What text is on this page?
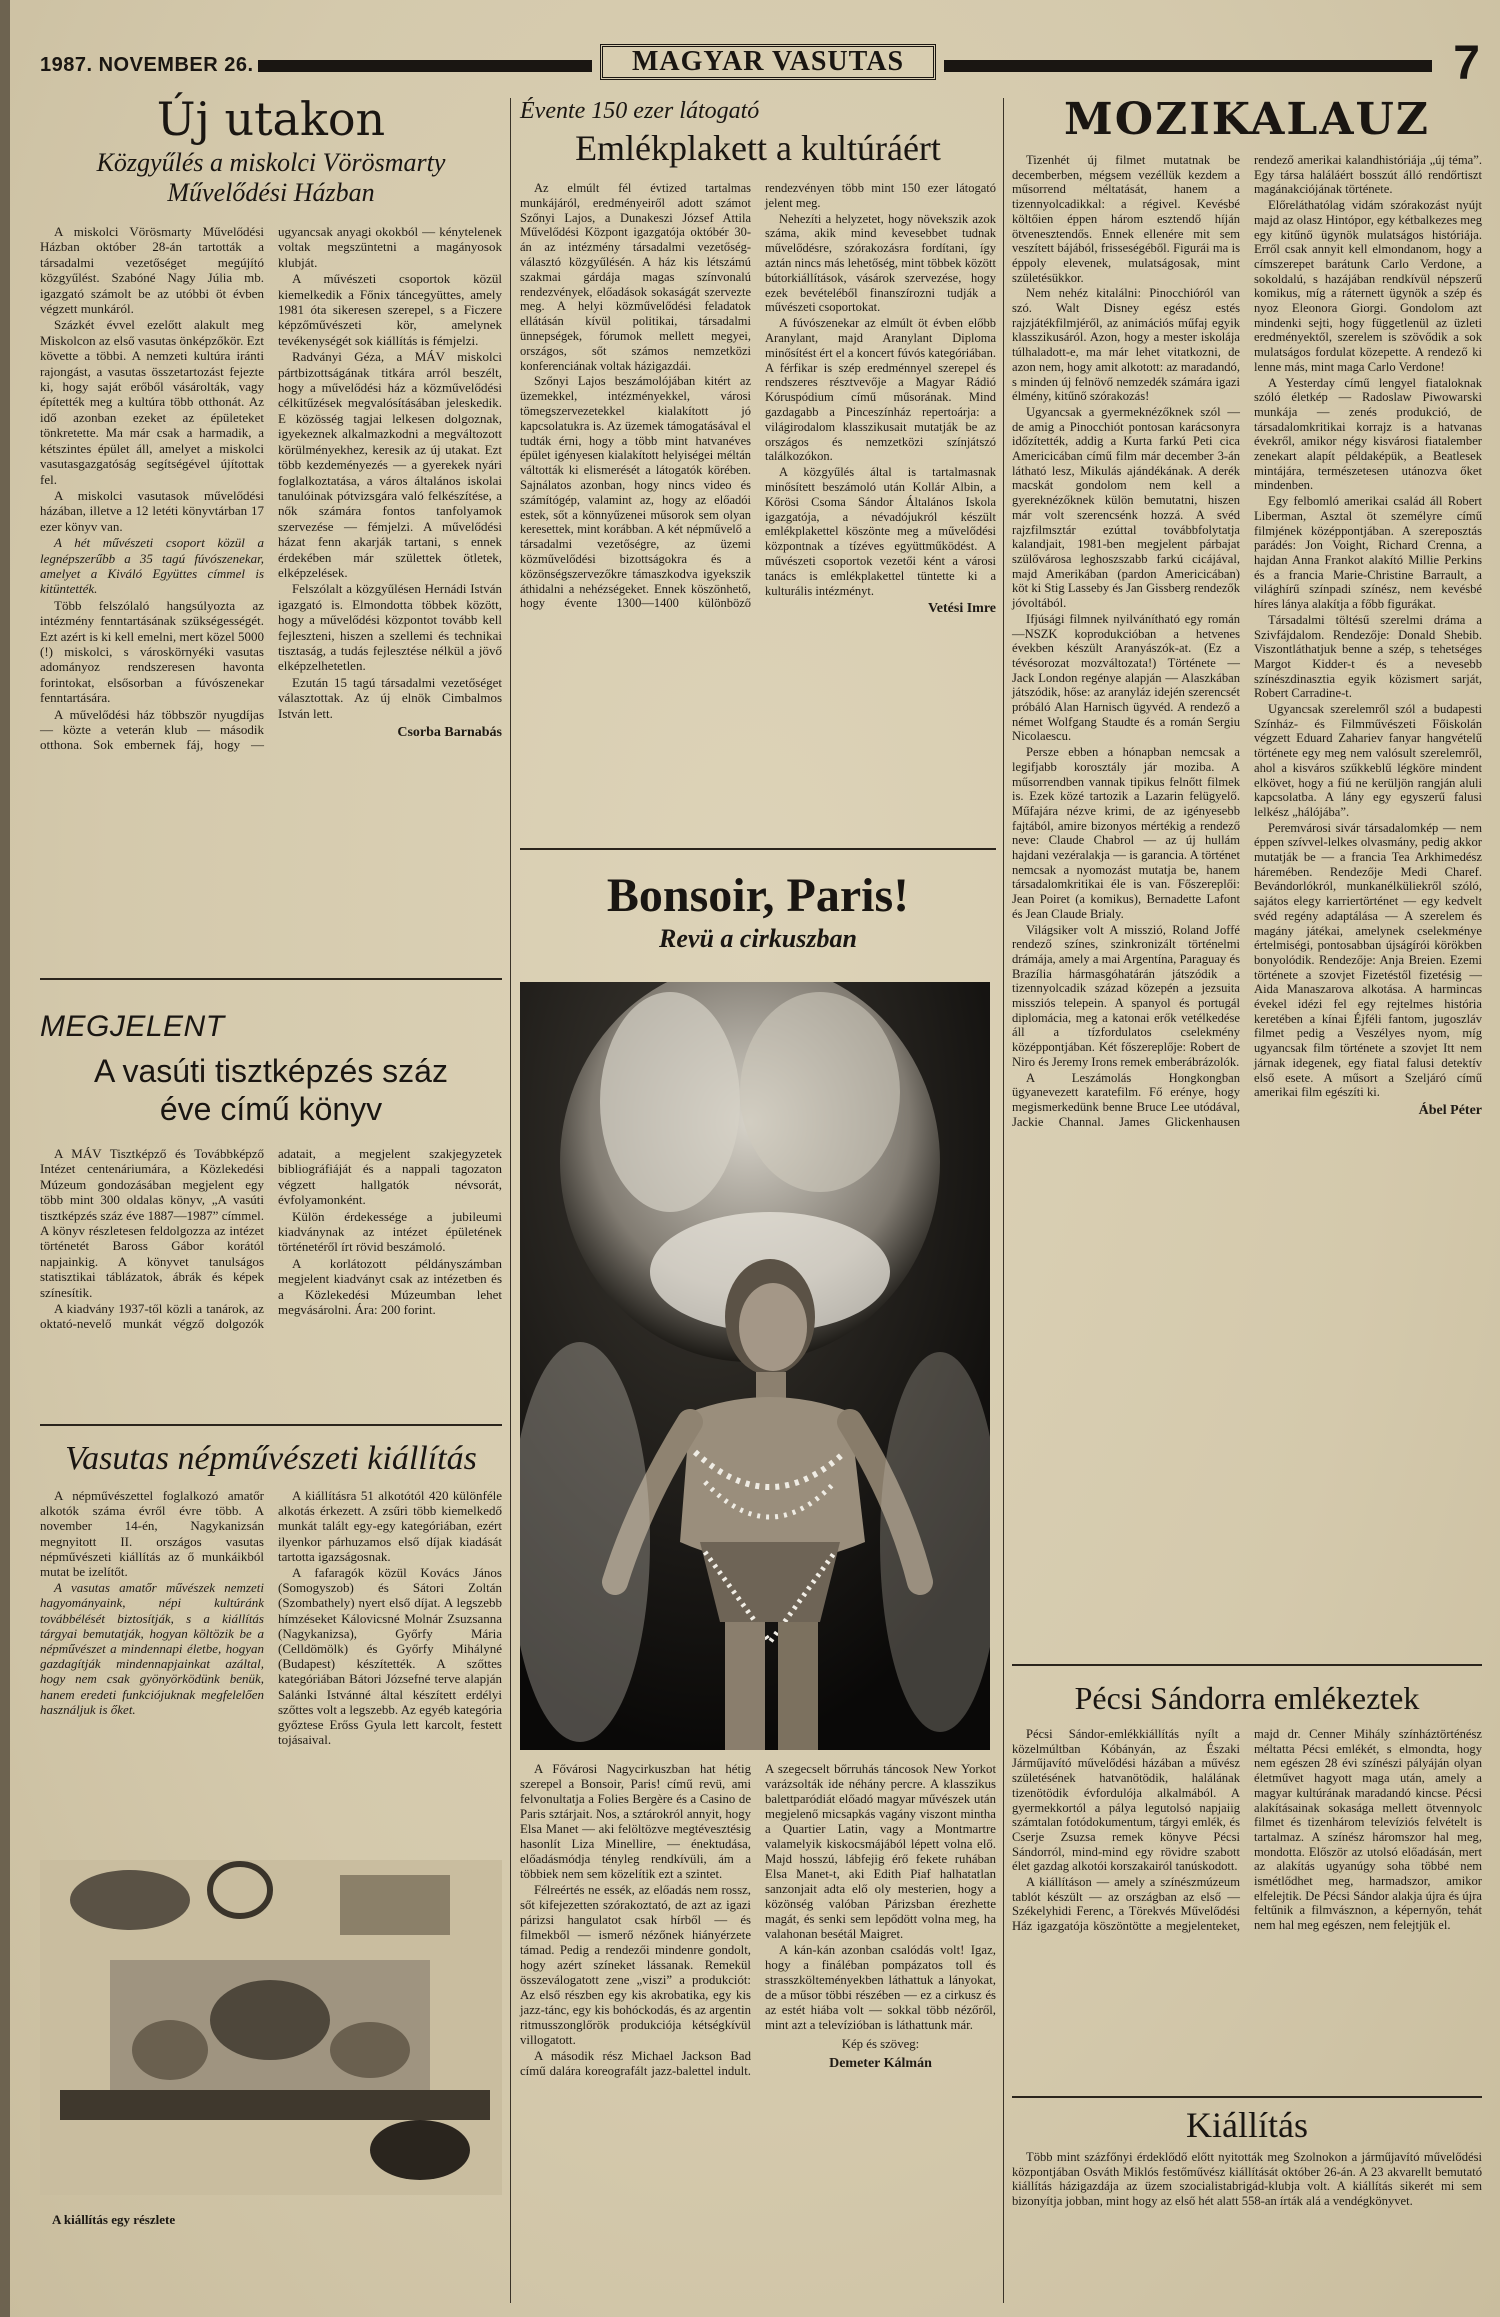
1987. NOVEMBER 26.	MAGYAR VASUTAS	7
Új utakon
Közgyűlés a miskolci Vörösmarty Művelődési Házban

A miskolci Vörösmarty Művelődési Házban október 28-án tartották a társadalmi vezetőséget megújító közgyűlést. Szabóné Nagy Júlia mb. igazgató számolt be az utóbbi öt évben végzett munkáról.

Százkét évvel ezelőtt alakult meg Miskolcon az első vasutas önképzőkör. Ezt követte a többi. A nemzeti kultúra iránti rajongást, a vasutas összetartozást fejezte ki, hogy saját erőből vásárolták, vagy építették meg a kultúra több otthonát. Az idő azonban ezeket az épületeket tönkretette. Ma már csak a harmadik, a kétszintes épület áll, amelyet a miskolci vasutasgazgatóság segítségével újítottak fel.

A miskolci vasutasok művelődési házában, illetve a 12 letéti könyvtárban 17 ezer könyv van.

A hét művészeti csoport közül a legnépszerűbb a 35 tagú fúvószenekar, amelyet a Kiváló Együttes címmel is kitüntették.

Több felszólaló hangsúlyozta az intézmény fenntartásának szükségességét. Ezt azért is ki kell emelni, mert közel 5000 (!) miskolci, s városkörnyéki vasutas adományoz rendszeresen havonta forintokat, elsősorban a fúvószenekar fenntartására.

A művelődési ház többször nyugdíjas — közte a veterán klub — második otthona. Sok embernek fáj, hogy — ugyancsak anyagi okokból — kénytelenek voltak megszüntetni a magányosok klubját.

A művészeti csoportok közül kiemelkedik a Főnix táncegyüttes, amely 1981 óta sikeresen szerepel, s a Ficzere képzőművészeti kör, amelynek tevékenységét sok kiállítás is fémjelzi.

Radványi Géza, a MÁV miskolci pártbizottságának titkára arról beszélt, hogy a művelődési ház a közművelődési célkitűzések megvalósításában jeleskedik. E közösség tagjai lelkesen dolgoznak, igyekeznek alkalmazkodni a megváltozott körülményekhez, keresik az új utakat. Ezt több kezdeményezés — a gyerekek nyári foglalkoztatása, a város általános iskolai tanulóinak pótvizsgára való felkészítése, a nők számára fontos tanfolyamok szervezése — fémjelzi. A művelődési házat fenn akarják tartani, s ennek érdekében már születtek ötletek, elképzelések.

Felszólalt a közgyűlésen Hernádi István igazgató is. Elmondotta többek között, hogy a művelődési központot tovább kell fejleszteni, hiszen a szellemi és technikai tisztaság, a tudás fejlesztése nélkül a jövő elképzelhetetlen.

Ezután 15 tagú társadalmi vezetőséget választottak. Az új elnök Cimbalmos István lett.

Csorba Barnabás
MEGJELENT
A vasúti tisztképzés száz éve című könyv

A MÁV Tisztképző és Továbbképző Intézet centenáriumára, a Közlekedési Múzeum gondozásában megjelent egy több mint 300 oldalas könyv, „A vasúti tisztképzés száz éve 1887—1987” címmel. A könyv részletesen feldolgozza az intézet történetét Baross Gábor korától napjainkig. A könyvet tanulságos statisztikai táblázatok, ábrák és képek színesítik.

A kiadvány 1937-től közli a tanárok, az oktató-nevelő munkát végző dolgozók adatait, a megjelent szakjegyzetek bibliográfiáját és a nappali tagozaton végzett hallgatók névsorát, évfolyamonként.

Külön érdekessége a jubileumi kiadványnak az intézet épületének történetéről írt rövid beszámoló.

A korlátozott példányszámban megjelent kiadványt csak az intézetben és a Közlekedési Múzeumban lehet megvásárolni. Ára: 200 forint.

Vasutas népművészeti kiállítás

A népművészettel foglalkozó amatőr alkotók száma évről évre több. A november 14-én, Nagykanizsán megnyitott II. országos vasutas népművészeti kiállítás az ő munkáikból mutat be izelítőt.

A vasutas amatőr művészek nemzeti hagyományaink, népi kultúránk továbbélését biztosítják, s a kiállítás tárgyai bemutatják, hogyan költözik be a népművészet a mindennapi életbe, hogyan gazdagítják mindennapjainkat azáltal, hogy nem csak gyönyörködünk benük, hanem eredeti funkciójuknak megfelelően használjuk is őket.

A kiállításra 51 alkotótól 420 különféle alkotás érkezett. A zsűri több kiemelkedő munkát talált egy-egy kategóriában, ezért ilyenkor párhuzamos első díjak kiadását tartotta igazságosnak.

A fafaragók közül Kovács János (Somogyszob) és Sátori Zoltán (Szombathely) nyert első díjat. A legszebb hímzéseket Kálovicsné Molnár Zsuzsanna (Nagykanizsa), Győrfy Mária (Celldömölk) és Győrfy Mihályné (Budapest) készítették. A szőttes kategóriában Bátori Józsefné terve alapján Salánki Istvánné által készített erdélyi szőttes volt a legszebb. Az egyéb kategória győztese Erőss Gyula lett karcolt, festett tojásaival.

A kiállítás egy részlete
Évente 150 ezer látogató
Emlékplakett a kultúráért

Az elmúlt fél évtized tartalmas munkájáról, eredményeiről adott számot Szőnyi Lajos, a Dunakeszi József Attila Művelődési Központ igazgatója októbér 30-án az intézmény társadalmi vezetőség-választó közgyűlésén. A ház kis létszámú szakmai gárdája magas színvonalú rendezvények, előadások sokaságát szervezte meg. A helyi közművelődési feladatok ellátásán kívül politikai, társadalmi ünnepségek, fórumok mellett megyei, országos, sőt számos nemzetközi konferenciának voltak házigazdái.

Szőnyi Lajos beszámolójában kitért az üzemekkel, intézményekkel, városi tömegszervezetekkel kialakított jó kapcsolatukra is. Az üzemek támogatásával el tudták érni, hogy a több mint hatvanéves épület igényesen kialakított helyiségei méltán váltották ki elismerését a látogatók körében. Sajnálatos azonban, hogy nincs video és számítógép, valamint az, hogy az előadói estek, sőt a könnyűzenei műsorok sem olyan keresettek, mint korábban. A két népművelő a társadalmi vezetőségre, az üzemi közművelődési bizottságokra és a közönségszervezőkre támaszkodva igyekszik áthidalni a nehézségeket. Ennek köszönhető, hogy évente 1300—1400 különböző rendezvényen több mint 150 ezer látogató jelent meg.

Nehezíti a helyzetet, hogy növekszik azok száma, akik mind kevesebbet tudnak művelődésre, szórakozásra fordítani, így aztán nincs más lehetőség, mint többek között bútorkiállítások, vásárok szervezése, hogy ezek bevételéből finanszírozni tudják a művészeti csoportokat.

A fúvószenekar az elmúlt öt évben előbb Aranylant, majd Aranylant Diploma minősítést ért el a koncert fúvós kategóriában. A férfikar is szép eredménnyel szerepel és rendszeres résztvevője a Magyar Rádió Kóruspódium című műsorának. Mind gazdagabb a Pinceszínház repertoárja: a világirodalom klasszikusait mutatják be az országos és nemzetközi színjátszó találkozókon.

A közgyűlés által is tartalmasnak minősített beszámoló után Kollár Albin, a Kőrösi Csoma Sándor Általános Iskola igazgatója, a névadójukról készült emlékplakettel köszönte meg a művelődési központnak a tízéves együttműködést. A művészeti csoportok vezetői ként a városi tanács is emlékplakettel tüntette ki a kulturális intézményt.

Vetési Imre
Bonsoir, Paris!
Revü a cirkuszban

A Fővárosi Nagycirkuszban hat hétig szerepel a Bonsoir, Paris! című revü, ami felvonultatja a Folies Bergère és a Casino de Paris sztárjait. Nos, a sztárokról annyit, hogy Elsa Manet — aki felöltözve megtévesztésig hasonlít Liza Minellire, — énektudása, előadásmódja tényleg rendkívüli, ám a többiek nem sem közelítik ezt a szintet.

Félreértés ne essék, az előadás nem rossz, sőt kifejezetten szórakoztató, de azt az igazi párizsi hangulatot csak hírből — és filmekből — ismerő nézőnek hiányérzete támad. Pedig a rendezői mindenre gondolt, hogy azért színeket lássanak. Remekül összeválogatott zene „viszi” a produkciót: Az első részben egy kis akrobatika, egy kis jazz-tánc, egy kis bohóckodás, és az argentin ritmusszonglőrök produkciója kétségkívül villogatott.

A második rész Michael Jackson Bad című dalára koreografált jazz-balettel indult. A szegecselt bőrruhás táncosok New Yorkot varázsolták ide néhány percre. A klasszikus balettparódiát előadó magyar művészek után megjelenő micsapkás vagány viszont mintha a Quartier Latin, vagy a Montmartre valamelyik kiskocsmájából lépett volna elő. Majd hosszú, lábfejig érő fekete ruhában Elsa Manet-t, aki Edith Piaf halhatatlan sanzonjait adta elő oly mesterien, hogy a közönség valóban Párizsban érezhette magát, és senki sem lepődött volna meg, ha valahonan besétál Maigret.

A kán-kán azonban csalódás volt! Igaz, hogy a fináléban pompázatos toll és strasszkölteményekben láthattuk a lányokat, de a műsor többi részében — ez a cirkusz és az estét hiába volt — sokkal több nézőről, mint azt a televízióban is láthattunk már.

Kép és szöveg:
Demeter Kálmán
MOZIKALAUZ

Tizenhét új filmet mutatnak be decemberben, mégsem vezéllük kezdem a műsorrend méltatását, hanem a tizennyolcadikkal: a régivel. Kevésbé költőien éppen három esztendő híján ötvenesztendős. Ennek ellenére mit sem veszített bájából, frisseségéből. Figurái ma is éppoly elevenek, mulatságosak, mint születésükkor.

Nem nehéz kitalálni: Pinocchióról van szó. Walt Disney egész estés rajzjátékfilmjéről, az animációs műfaj egyik klasszikusáról. Azon, hogy a mester iskolája túlhaladott-e, ma már lehet vitatkozni, de azon nem, hogy amit alkotott: az maradandó, s minden új felnövő nemzedék számára igazi élmény, kitűnő szórakozás!

Ugyancsak a gyermeknézőknek szól — de amig a Pinocchiót pontosan karácsonyra időzítették, addig a Kurta farkú Peti cica Americicában című film már december 3-án látható lesz, Mikulás ajándékának. A derék macskát gondolom nem kell a gyereknézőknek külön bemutatni, hiszen már volt szerencsénk hozzá. A svéd rajzfilmsztár ezúttal továbbfolytatja kalandjait, 1981-ben megjelent párbajat szülővárosa leghoszszabb farkú cicájával, majd Amerikában (pardon Americicában) köt ki Stig Lasseby és Jan Gissberg rendezők jóvoltából.

Ifjúsági filmnek nyilvánítható egy román—NSZK koprodukcióban a hetvenes években készült Aranyászók-at. (Ez a tévésorozat mozváltozata!) Története — Jack London regénye alapján — Alaszkában játszódik, hőse: az aranyláz idején szerencsét próbáló Alan Harnisch ügyvéd. A rendező a német Wolfgang Staudte és a román Sergiu Nicolaescu.

Persze ebben a hónapban nemcsak a legifjabb korosztály jár moziba. A műsorrendben vannak tipikus felnőtt filmek is. Ezek közé tartozik a Lazarin felügyelő. Műfajára nézve krimi, de az igényesebb fajtából, amire bizonyos mértékig a rendező neve: Claude Chabrol — az új hullám hajdani vezéralakja — is garancia. A történet nemcsak a nyomozást mutatja be, hanem társadalomkritikai éle is van. Főszereplői: Jean Poiret (a komikus), Bernadette Lafont és Jean Claude Brialy.

Világsiker volt A misszió, Roland Joffé rendező színes, szinkronizált történelmi drámája, amely a mai Argentína, Paraguay és Brazília hármasgóhatárán játszódik a tizennyolcadik század közepén a jezsuita missziós telepein. A spanyol és portugál diplomácia, meg a katonai erők vetélkedése áll a tízfordulatos cselekmény középpontjában. Két főszereplője: Robert de Niro és Jeremy Irons remek emberábrázolók.

A Leszámolás Hongkongban ügyanevezett karatefilm. Fő erénye, hogy megismerkedünk benne Bruce Lee utódával, Jackie Channal. James Glickenhausen rendező amerikai kalandhistóriája „új téma”. Egy társa haláláért bosszút álló rendőrtiszt magánakciójának története.

Előreláthatólag vidám szórakozást nyújt majd az olasz Hintópor, egy kétbalkezes meg egy kitűnő ügynök mulatságos históriája. Erről csak annyit kell elmondanom, hogy a címszerepet barátunk Carlo Verdone, a sokoldalú, s hazájában rendkívül népszerű komikus, míg a ráternett ügynök a szép és nyoz Eleonora Giorgi. Gondolom azt mindenki sejti, hogy függetlenül az üzleti eredményektől, szerelem is szövődik a sok mulatságos fordulat közepette. A rendező ki lenne más, mint maga Carlo Verdone!

A Yesterday című lengyel fiataloknak szóló életkép — Radoslaw Piwowarski munkája — zenés produkció, de társadalomkritikai korrajz is a hatvanas évekről, amikor négy kisvárosi fiatalember zenekart alapít példaképük, a Beatlesek mintájára, természetesen utánozva őket mindenben.

Egy felbomló amerikai család áll Robert Liberman, Asztal öt személyre című filmjének középpontjában. A szereposztás parádés: Jon Voight, Richard Crenna, a hajdan Anna Frankot alakító Millie Perkins és a francia Marie-Christine Barrault, a világhírű színpadi színész, nem kevésbé híres lánya alakítja a főbb figurákat.

Társadalmi töltésű szerelmi dráma a Szivfájdalom. Rendezője: Donald Shebib. Viszontláthatjuk benne a szép, s tehetséges Margot Kidder-t és a nevesebb színészdinasztia egyik közismert sarját, Robert Carradine-t.

Ugyancsak szerelemről szól a budapesti Színház- és Filmművészeti Főiskolán végzett Eduard Zahariev fanyar hangvételű története egy meg nem valósult szerelemről, ahol a kisváros szűkkeblű légköre mindent elkövet, hogy a fiú ne kerüljön rangján aluli kapcsolatba. A lány egy egyszerű falusi lelkész „hálójába”.

Peremvárosi sivár társadalomkép — nem éppen szívvel-lelkes olvasmány, pedig akkor mutatják be — a francia Tea Arkhimedész háremében. Rendezője Medi Charef. Bevándorlókról, munkanélküliekről szóló, sajátos elegy karriertörténet — egy kedvelt svéd regény adaptálása — A szerelem és magány játékai, amelynek cselekménye értelmiségi, pontosabban újságírói körökben bonyolódik. Rendezője: Anja Breien. Ezemi története a szovjet Fizetéstől fizetésig — Aida Manaszarova alkotása. A harmincas évekel idézi fel egy rejtelmes história keretében a kínai Éjféli fantom, jugoszláv filmet pedig a Veszélyes nyom, míg ugyancsak film története a szovjet Itt nem járnak idegenek, egy fiatal falusi detektív első esete. A műsort a Szeljáró című amerikai film egészíti ki.

Ábel Péter
Pécsi Sándorra emlékeztek

Pécsi Sándor-emlékkiállítás nyílt a közelmúltban Kóbányán, az Északi Járműjavító művelődési házában a művész születésének hatvanötödik, halálának tizenötödik évfordulója alkalmából. A gyermekkortól a pálya legutolsó napjaiig számtalan fotódokumentum, tárgyi emlék, és Cserje Zsuzsa remek könyve Pécsi Sándorról, mind-mind egy rövidre szabott élet gazdag alkotói korszakairól tanúskodott.

A kiállításon — amely a színészmúzeum tablót készült — az országban az első — Székelyhidi Ferenc, a Törekvés Művelődési Ház igazgatója köszöntötte a megjelenteket, majd dr. Cenner Mihály színháztörténész méltatta Pécsi emlékét, s elmondta, hogy nem egészen 28 évi színészi pályáján olyan életművet hagyott maga után, amely a magyar kultúrának maradandó kincse. Pécsi alakításainak sokasága mellett ötvennyolc filmet és tizenhárom televíziós felvételt is tartalmaz. A színész háromszor hal meg, mondotta. Először az utolsó előadásán, mert az alakítás ugyanúgy soha többé nem ismétlődhet meg, harmadszor, amikor elfelejtik. De Pécsi Sándor alakja újra és újra feltűnik a filmvásznon, a képernyőn, tehát nem hal meg egészen, nem felejtjük el.

Kiállítás

Több mint százfőnyi érdeklődő előtt nyitották meg Szolnokon a járműjavító művelődési központjában Osváth Miklós festőművész kiállítását október 26-án. A 23 akvarellt bemutató kiállítás házigazdája az üzem szocialistabrigád-klubja volt. A kiállítás sikerét mi sem bizonyítja jobban, mint hogy az első hét alatt 558-an írták alá a vendégkönyvet.
